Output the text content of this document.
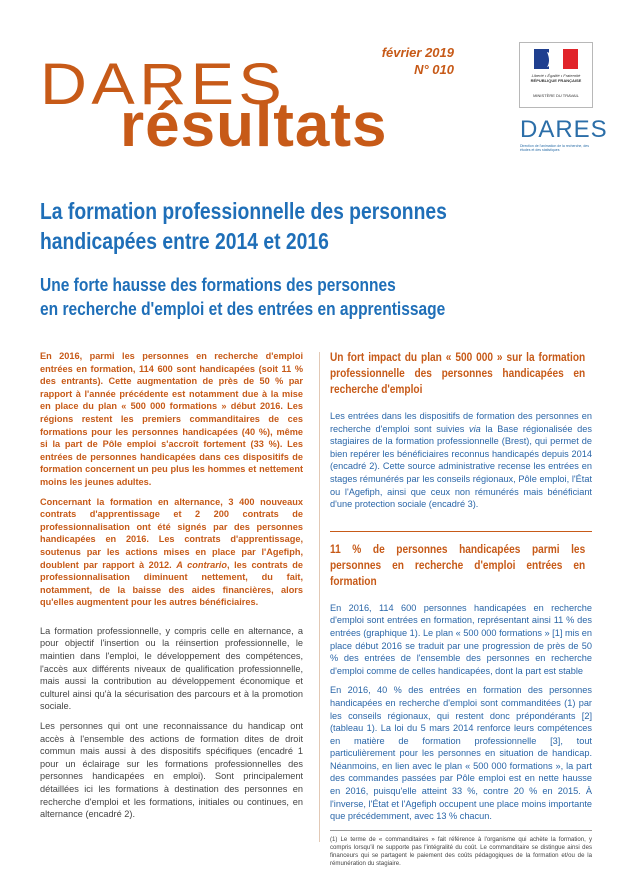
DARES
résultats
février 2019
N° 010	Liberté • Égalité • Fraternité
RÉPUBLIQUE FRANÇAISE
MINISTÈRE DU TRAVAIL
DARES
Direction de l'animation de la recherche, des études et des statistiques
La formation professionnelle des personnes
handicapées entre 2014 et 2016
Une forte hausse des formations des personnes
en recherche d'emploi et des entrées en apprentissage

En 2016, parmi les personnes en recherche d'emploi entrées en formation, 114 600 sont handicapées (soit 11 % des entrants). Cette augmentation de près de 50 % par rapport à l'année précédente est notamment due à la mise en place du plan « 500 000 formations » début 2016. Les régions restent les premiers commanditaires de ces formations pour les personnes handicapées (40 %), même si la part de Pôle emploi s'accroît fortement (33 %). Les entrées de personnes handicapées dans ces dispositifs de formation concernent un peu plus les hommes et nettement moins les jeunes adultes.

Concernant la formation en alternance, 3 400 nouveaux contrats d'apprentissage et 2 200 contrats de professionnalisation ont été signés par des personnes handicapées en 2016. Les contrats d'apprentissage, soutenus par les actions mises en place par l'Agefiph, doublent par rapport à 2012. A contrario, les contrats de professionnalisation diminuent nettement, du fait, notamment, de la baisse des aides financières, alors qu'elles augmentent pour les autres bénéficiaires.

La formation professionnelle, y compris celle en alternance, a pour objectif l'insertion ou la réinsertion professionnelle, le maintien dans l'emploi, le développement des compétences, l'accès aux différents niveaux de qualification professionnelle, mais aussi la contribution au développement économique et culturel ainsi qu'à la sécurisation des parcours et à la promotion sociale.

Les personnes qui ont une reconnaissance du handicap ont accès à l'ensemble des actions de formation dites de droit commun mais aussi à des dispositifs spécifiques (encadré 1 pour un éclairage sur les formations professionnelles des personnes handicapées en emploi). Sont principalement détaillées ici les formations à destination des personnes en recherche d'emploi et les formations, initiales ou continues, en alternance (encadré 2).

Un fort impact du plan « 500 000 » sur la formation professionnelle des personnes handicapées en recherche d'emploi

Les entrées dans les dispositifs de formation des personnes en recherche d'emploi sont suivies via la Base régionalisée des stagiaires de la formation professionnelle (Brest), qui permet de bien repérer les bénéficiaires reconnus handicapés depuis 2014 (encadré 2). Cette source administrative recense les entrées en stages rémunérés par les conseils régionaux, Pôle emploi, l'État ou l'Agefiph, ainsi que ceux non rémunérés mais bénéficiant d'une protection sociale (encadré 3).

11 % de personnes handicapées parmi les personnes en recherche d'emploi entrées en formation

En 2016, 114 600 personnes handicapées en recherche d'emploi sont entrées en formation, représentant ainsi 11 % des entrées (graphique 1). Le plan « 500 000 formations » [1] mis en place début 2016 se traduit par une progression de près de 50 % des entrées de l'ensemble des personnes en recherche d'emploi comme de celles handicapées, dont la part est stable

En 2016, 40 % des entrées en formation des personnes handicapées en recherche d'emploi sont commanditées (1) par les conseils régionaux, qui restent donc prépondérants [2] (tableau 1). La loi du 5 mars 2014 renforce leurs compétences en matière de formation professionnelle [3], tout particulièrement pour les personnes en situation de handicap. Néanmoins, en lien avec le plan « 500 000 formations », la part des commandes passées par Pôle emploi est en nette hausse en 2016, puisqu'elle atteint 33 %, contre 20 % en 2015. À l'inverse, l'État et l'Agefiph occupent une place moins importante que précédemment, avec 13 % chacun.

(1) Le terme de « commanditaires » fait référence à l'organisme qui achète la formation, y compris lorsqu'il ne supporte pas l'intégralité du coût. Le commanditaire se distingue ainsi des financeurs qui se partagent le paiement des coûts pédagogiques de la formation et/ou de la rémunération du stagiaire.
